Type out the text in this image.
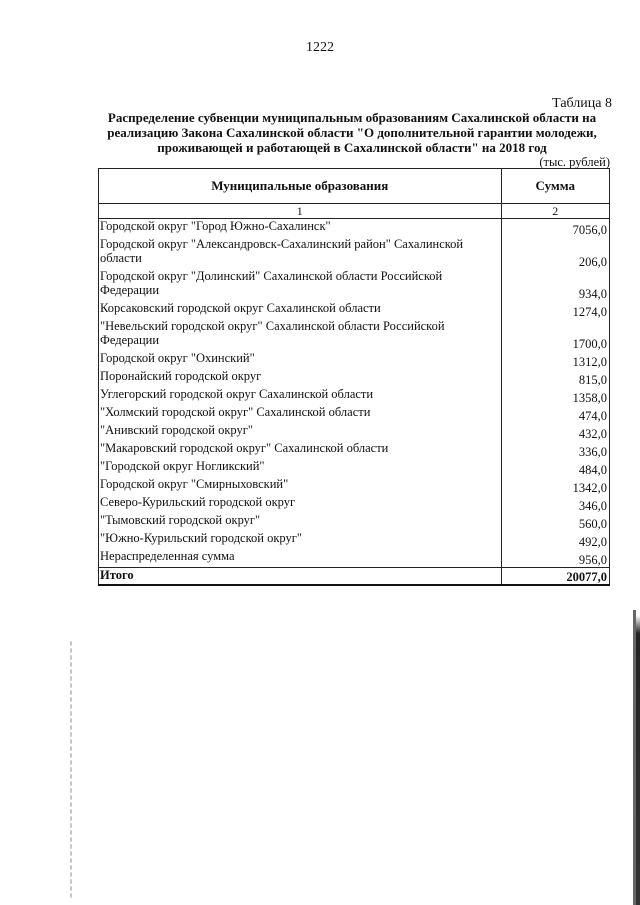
1222
Таблица 8
Распределение субвенции муниципальным образованиям Сахалинской области на
реализацию Закона Сахалинской области "О дополнительной гарантии молодежи,
проживающей и работающей в Сахалинской области" на 2018 год
(тыс. рублей)
Муниципальные образования	Сумма
1	2
Городской округ "Город Южно-Сахалинск"	7056,0
Городской округ "Александровск-Сахалинский район" Сахалинской области	206,0
Городской округ "Долинский" Сахалинской области Российской Федерации	934,0
Корсаковский городской округ Сахалинской области	1274,0
"Невельский городской округ" Сахалинской области Российской Федерации	1700,0
Городской округ "Охинский"	1312,0
Поронайский городской округ	815,0
Углегорский городской округ Сахалинской области	1358,0
"Холмский городской округ" Сахалинской области	474,0
"Анивский городской округ"	432,0
"Макаровский городской округ" Сахалинской области	336,0
"Городской округ Ногликский"	484,0
Городской округ "Смирныховский"	1342,0
Северо-Курильский городской округ	346,0
"Тымовский городской округ"	560,0
"Южно-Курильский городской округ"	492,0
Нераспределенная сумма	956,0
Итого	20077,0
